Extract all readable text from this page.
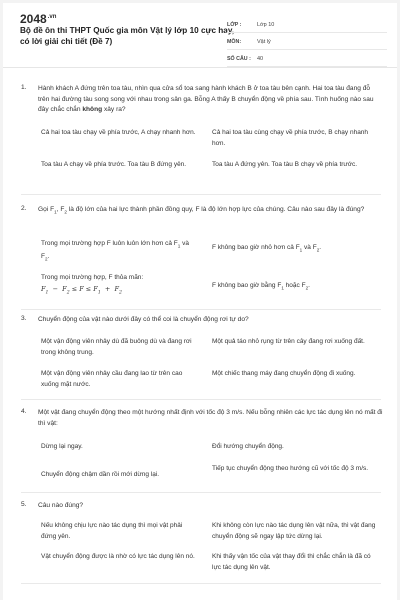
$2048^{.vn}$
Bộ đề ôn thi THPT Quốc gia môn Vật lý lớp 10 cực hay, có lời giải chi tiết (Đề 7)
LỚP :	Lớp 10
MÔN:	Vật lý
SỐ CÂU :	40
1. Hành khách A đứng trên toa tàu, nhìn qua cửa sổ toa sang hành khách B ở toa tàu bên cạnh. Hai toa tàu đang đỗ trên hai đường tàu song song với nhau trong sân ga. Bỗng A thấy B chuyển động về phía sau. Tình huống nào sau đây chắc chắn không xảy ra?
Cả hai toa tàu chạy về phía trước, A chạy nhanh hơn.	Cả hai toa tàu cùng chạy về phía trước, B chạy nhanh hơn.
Toa tàu A chạy về phía trước. Toa tàu B đứng yên.	Toa tàu A đứng yên. Toa tàu B chạy về phía trước.
2. Gọi $F_1$, $F_2$ là độ lớn của hai lực thành phần đồng quy, F là độ lớn hợp lực của chúng. Câu nào sau đây là đúng?
Trong mọi trường hợp F luôn luôn lớn hơn cả $F_1$ và $F_2$.
F không bao giờ nhỏ hơn cả $F_1$ và $F_2$.
Trong mọi trường hợp, F thỏa mãn:
$F_1 - F_2 \le F \le F_1 + F_2$
F không bao giờ bằng $F_1$ hoặc $F_2$.
3. Chuyển động của vật nào dưới đây có thể coi là chuyển động rơi tự do?
Một vận động viên nhảy dù đã buông dù và đang rơi trong không trung.
Một quả táo nhỏ rụng từ trên cây đang rơi xuống đất.
Một vận động viên nhảy cầu đang lao từ trên cao xuống mặt nước.
Một chiếc thang máy đang chuyển động đi xuống.
4. Một vật đang chuyển động theo một hướng nhất định với tốc độ 3 m/s. Nếu bỗng nhiên các lực tác dụng lên nó mất đi thì vật:
Dừng lại ngay.	Đổi hướng chuyển động.
Chuyển động chậm dần rồi mới dừng lại.
Tiếp tục chuyển động theo hướng cũ với tốc độ 3 m/s.
5. Câu nào đúng?
Nếu không chịu lực nào tác dụng thì mọi vật phải đứng yên.
Khi không còn lực nào tác dụng lên vật nữa, thì vật đang chuyển động sẽ ngay lập tức dừng lại.
Vật chuyển động được là nhờ có lực tác dụng lên nó.	Khi thấy vận tốc của vật thay đổi thì chắc chắn là đã có lực tác dụng lên vật.
